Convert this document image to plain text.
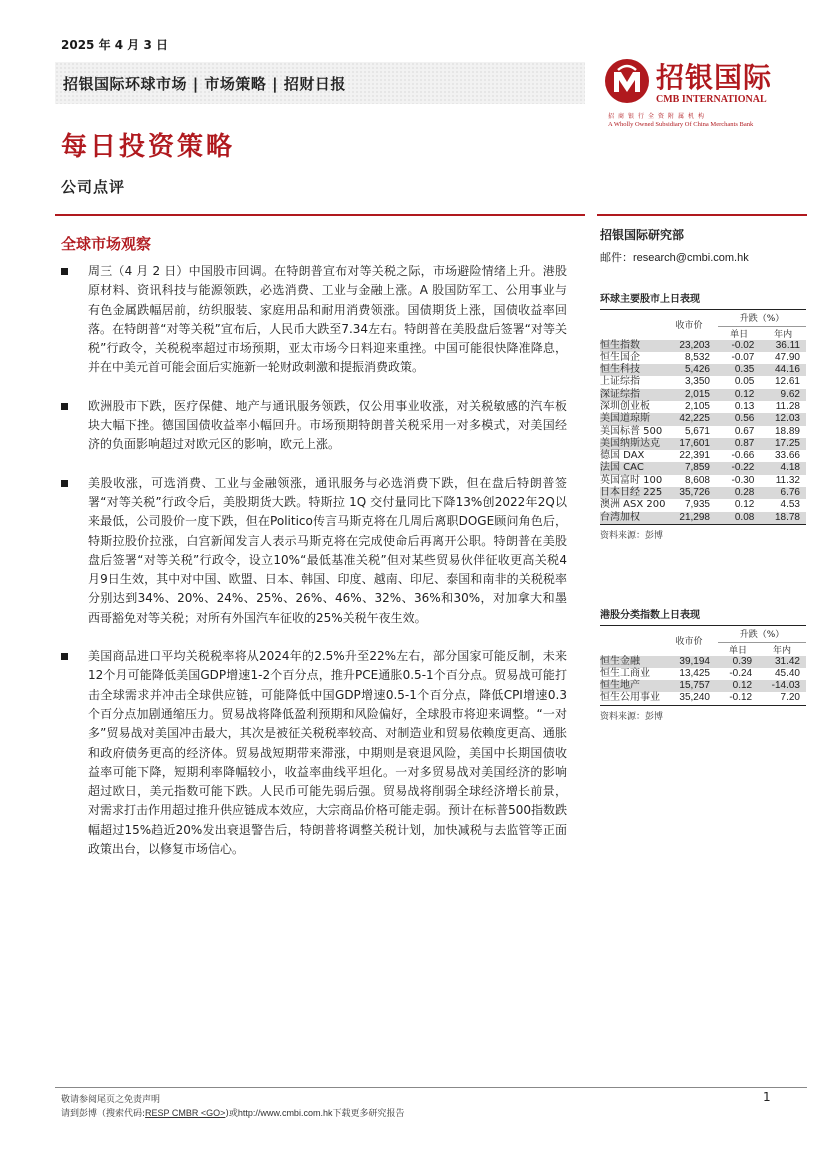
2025 年 4 月 3 日
招银国际环球市场 | 市场策略 | 招财日报	招银国际
CMB INTERNATIONAL
招商银行全资附属机构
A Wholly Owned Subsidiary Of China Merchants Bank
每日投资策略
公司点评
全球市场观察
周三（4 月 2 日）中国股市回调。在特朗普宣布对等关税之际，市场避险情绪上升。港股原材料、资讯科技与能源领跌，必选消费、工业与金融上涨。A 股国防军工、公用事业与有色金属跌幅居前，纺织服装、家庭用品和耐用消费领涨。国债期货上涨，国债收益率回落。在特朗普“对等关税”宣布后，人民币大跌至7.34左右。特朗普在美股盘后签署“对等关税”行政令，关税税率超过市场预期，亚太市场今日料迎来重挫。中国可能很快降准降息，并在中美元首可能会面后实施新一轮财政刺激和提振消费政策。
欧洲股市下跌，医疗保健、地产与通讯服务领跌，仅公用事业收涨，对关税敏感的汽车板块大幅下挫。德国国债收益率小幅回升。市场预期特朗普关税采用一对多模式，对美国经济的负面影响超过对欧元区的影响，欧元上涨。
美股收涨，可选消费、工业与金融领涨，通讯服务与必选消费下跌，但在盘后特朗普签署“对等关税”行政令后，美股期货大跌。特斯拉 1Q 交付量同比下降13%创2022年2Q以来最低，公司股价一度下跌，但在Politico传言马斯克将在几周后离职DOGE顾问角色后，特斯拉股价拉涨，白宫新闻发言人表示马斯克将在完成使命后再离开公职。特朗普在美股盘后签署“对等关税”行政令，设立10%“最低基准关税”但对某些贸易伙伴征收更高关税4月9日生效，其中对中国、欧盟、日本、韩国、印度、越南、印尼、泰国和南非的关税税率分别达到34%、20%、24%、25%、26%、46%、32%、36%和30%，对加拿大和墨西哥豁免对等关税；对所有外国汽车征收的25%关税午夜生效。
美国商品进口平均关税税率将从2024年的2.5%升至22%左右，部分国家可能反制，未来12个月可能降低美国GDP增速1-2个百分点，推升PCE通胀0.5-1个百分点。贸易战可能打击全球需求并冲击全球供应链，可能降低中国GDP增速0.5-1个百分点，降低CPI增速0.3个百分点加剧通缩压力。贸易战将降低盈利预期和风险偏好，全球股市将迎来调整。“一对多”贸易战对美国冲击最大，其次是被征关税税率较高、对制造业和贸易依赖度更高、通胀和政府债务更高的经济体。贸易战短期带来滞涨，中期则是衰退风险，美国中长期国债收益率可能下降，短期利率降幅较小，收益率曲线平坦化。一对多贸易战对美国经济的影响超过欧日，美元指数可能下跌。人民币可能先弱后强。贸易战将削弱全球经济增长前景，对需求打击作用超过推升供应链成本效应，大宗商品价格可能走弱。预计在标普500指数跌幅超过15%趋近20%发出衰退警告后，特朗普将调整关税计划，加快减税与去监管等正面政策出台，以修复市场信心。
招银国际研究部
邮件：research@cmbi.com.hk
环球主要股市上日表现
	收市价	升跌（%）	
		单日	年内
恒生指数	23,203	-0.02	36.11
恒生国企	8,532	-0.07	47.90
恒生科技	5,426	0.35	44.16
上证综指	3,350	0.05	12.61
深证综指	2,015	0.12	9.62
深圳创业板	2,105	0.13	11.28
美国道琼斯	42,225	0.56	12.03
美国标普 500	5,671	0.67	18.89
美国纳斯达克	17,601	0.87	17.25
德国 DAX	22,391	-0.66	33.66
法国 CAC	7,859	-0.22	4.18
英国富时 100	8,608	-0.30	11.32
日本日经 225	35,726	0.28	6.76
澳洲 ASX 200	7,935	0.12	4.53
台湾加权	21,298	0.08	18.78
资料来源：彭博
港股分类指数上日表现
	收市价	升跌（%）	
		单日	年内
恒生金融	39,194	0.39	31.42
恒生工商业	13,425	-0.24	45.40
恒生地产	15,757	0.12	-14.03
恒生公用事业	35,240	-0.12	7.20
资料来源：彭博
敬请参阅尾页之免责声明
请到彭博（搜索代码:RESP CMBR <GO>)或http://www.cmbi.com.hk下载更多研究报告
1
